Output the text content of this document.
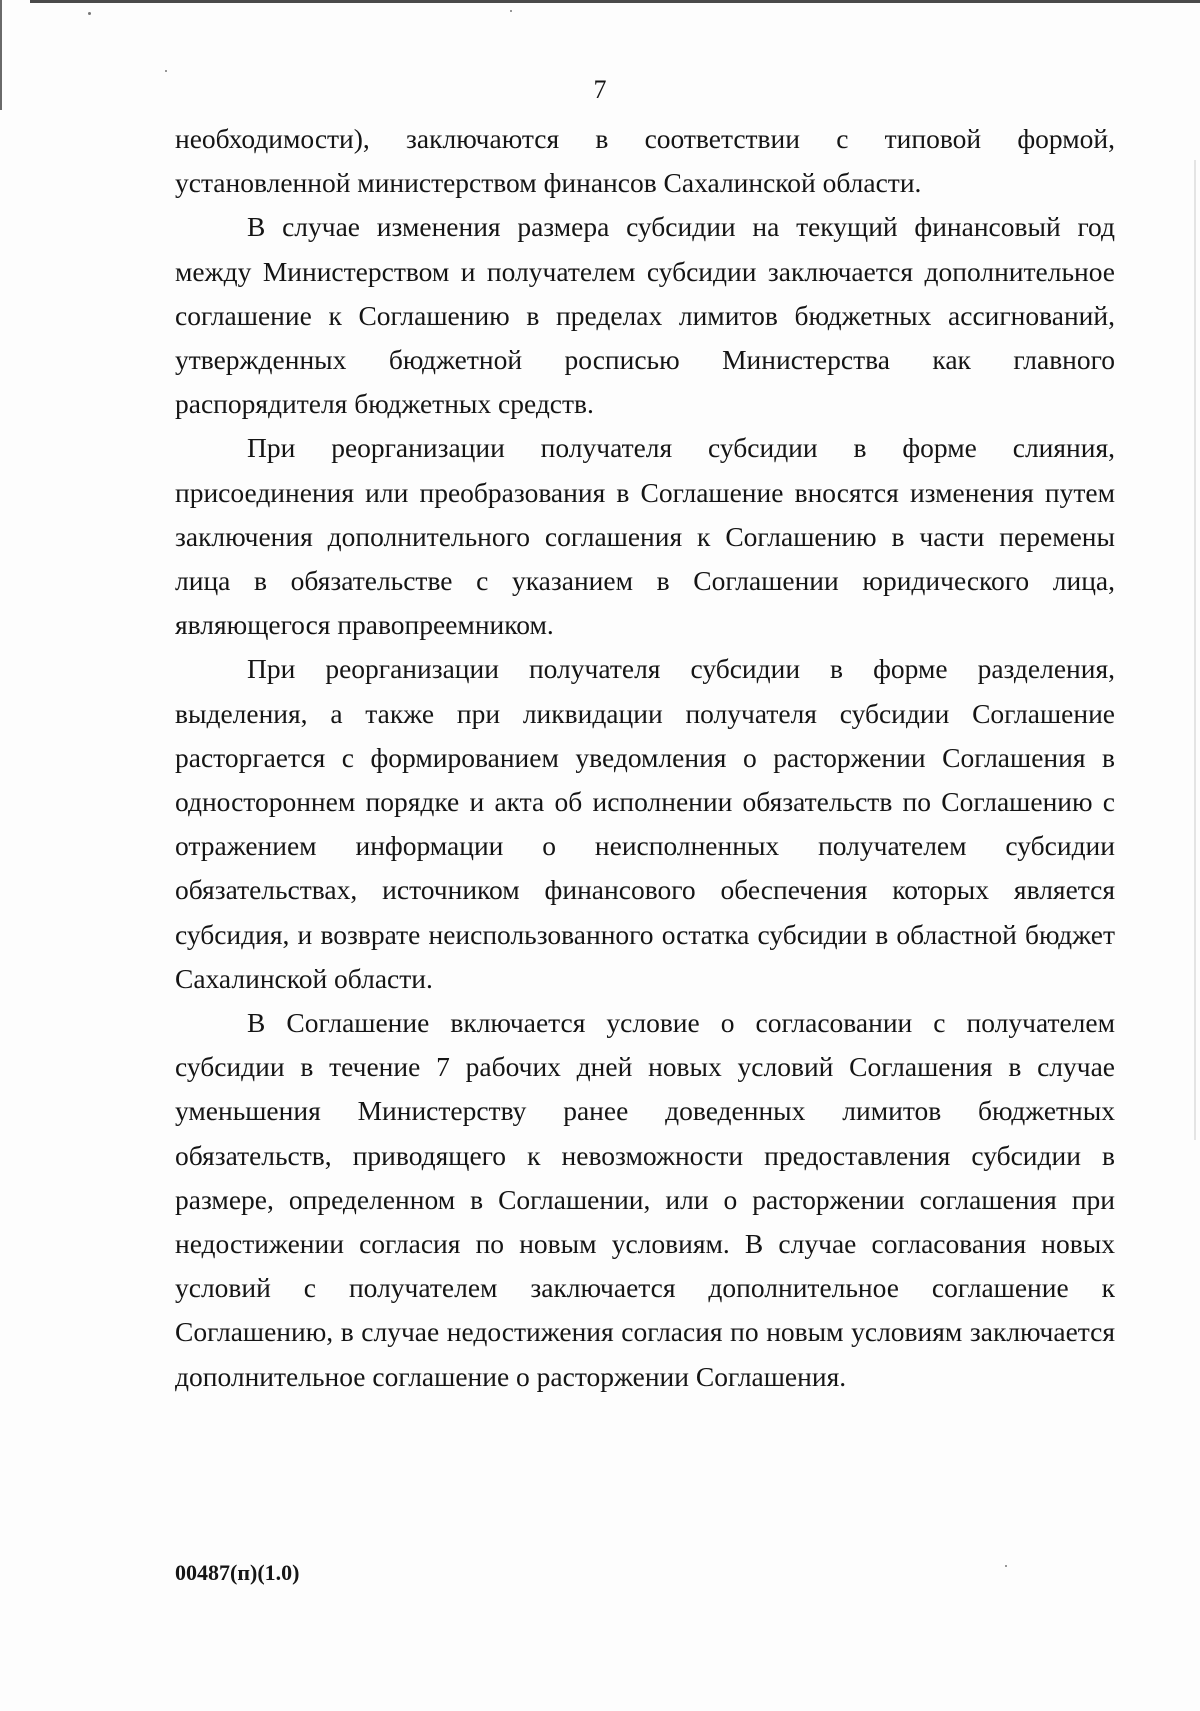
7

необходимости), заключаются в соответствии с типовой формой, установленной министерством финансов Сахалинской области.

В случае изменения размера субсидии на текущий финансовый год между Министерством и получателем субсидии заключается дополнительное соглашение к Соглашению в пределах лимитов бюджетных ассигнований, утвержденных бюджетной росписью Министерства как главного распорядителя бюджетных средств.

При реорганизации получателя субсидии в форме слияния, присоединения или преобразования в Соглашение вносятся изменения путем заключения дополнительного соглашения к Соглашению в части перемены лица в обязательстве с указанием в Соглашении юридического лица, являющегося правопреемником.

При реорганизации получателя субсидии в форме разделения, выделения, а также при ликвидации получателя субсидии Соглашение расторгается с формированием уведомления о расторжении Соглашения в одностороннем порядке и акта об исполнении обязательств по Соглашению с отражением информации о неисполненных получателем субсидии обязательствах, источником финансового обеспечения которых является субсидия, и возврате неиспользованного остатка субсидии в областной бюджет Сахалинской области.

В Соглашение включается условие о согласовании с получателем субсидии в течение 7 рабочих дней новых условий Соглашения в случае уменьшения Министерству ранее доведенных лимитов бюджетных обязательств, приводящего к невозможности предоставления субсидии в размере, определенном в Соглашении, или о расторжении соглашения при недостижении согласия по новым условиям. В случае согласования новых условий с получателем заключается дополнительное соглашение к Соглашению, в случае недостижения согласия по новым условиям заключается дополнительное соглашение о расторжении Соглашения.

00487(п)(1.0)
